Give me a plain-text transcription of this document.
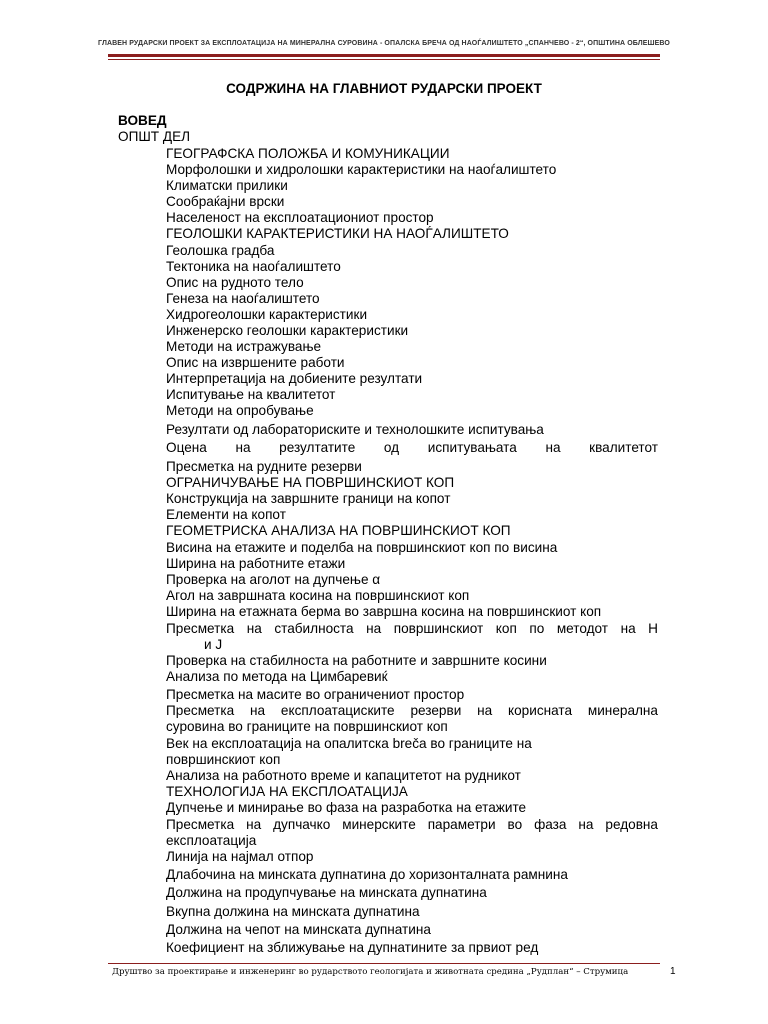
ГЛАВЕН РУДАРСКИ ПРОЕКТ ЗА ЕКСПЛОАТАЦИЈА НА МИНЕРАЛНА СУРОВИНА - ОПАЛСКА БРЕЧА ОД НАОЃАЛИШТЕТО „СПАНЧЕВО - 2“, ОПШТИНА ОБЛЕШЕВО
СОДРЖИНА НА ГЛАВНИОТ РУДАРСКИ ПРОЕКТ
ВОВЕД
ОПШТ ДЕЛ
ГЕОГРАФСКА ПОЛОЖБА И КОМУНИКАЦИИ
Морфолошки и хидролошки карактеристики на наоѓалиштето
Климатски прилики
Сообраќајни врски
Населеност на експлоатациониот простор
ГЕОЛОШКИ КАРАКТЕРИСТИКИ НА НАОЃАЛИШТЕТО
Геолошка градба
Тектоника на наоѓалиштето
Опис на рудното тело
Генеза на наоѓалиштето
Хидрогеолошки карактеристики
Инженерско геолошки карактеристики
Методи на истражување
Опис на извршените работи
Интерпретација на добиените резултати
Испитување на квалитетот
Методи на опробување
Резултати од лабораториските и технолошките испитувања
Оцена на резултатите од испитувањата на квалитетот
Пресметка на рудните резерви
ОГРАНИЧУВАЊЕ НА ПОВРШИНСКИОТ КОП
Конструкција на завршните граници на копот
Елементи на копот
ГЕОМЕТРИСКА АНАЛИЗА НА ПОВРШИНСКИОТ КОП
Висина на етажите и поделба на површинскиот коп по висина
Ширина на работните етажи
Проверка на аголот на дупчење α
Агол на завршната косина на површинскиот коп
Ширина на етажната берма во завршна косина на површинскиот коп
Пресметка на стабилноста на површинскиот коп по методот на Н
и Ј
Проверка на стабилноста на работните и завршните косини
Анализа по метода на Цимбаревиќ
Пресметка на масите во ограничениот простор
Пресметка на експлоатациските резерви на корисната минерална
суровина во границите на површинскиот коп
Век на експлоатација на опалитска breča во границите на
површинскиот коп
Анализа на работното време и капацитетот на рудникот
ТЕХНОЛОГИЈА НА ЕКСПЛОАТАЦИЈА
Дупчење и минирање во фаза на разработка на етажите
Пресметка на дупчачко минерските параметри во фаза на редовна
експлоатација
Линија на најмал отпор
Длабочина на минската дупнатина до хоризонталната рамнина
Должина на продупчување на минската дупнатина
Вкупна должина на минската дупнатина
Должина на чепот на минската дупнатина
Коефициент на зближување на дупнатините за првиот ред
Друштво за проектирање и инженеринг во рударството геологијата и животната средина „Рудплан“ – Струмица	1
